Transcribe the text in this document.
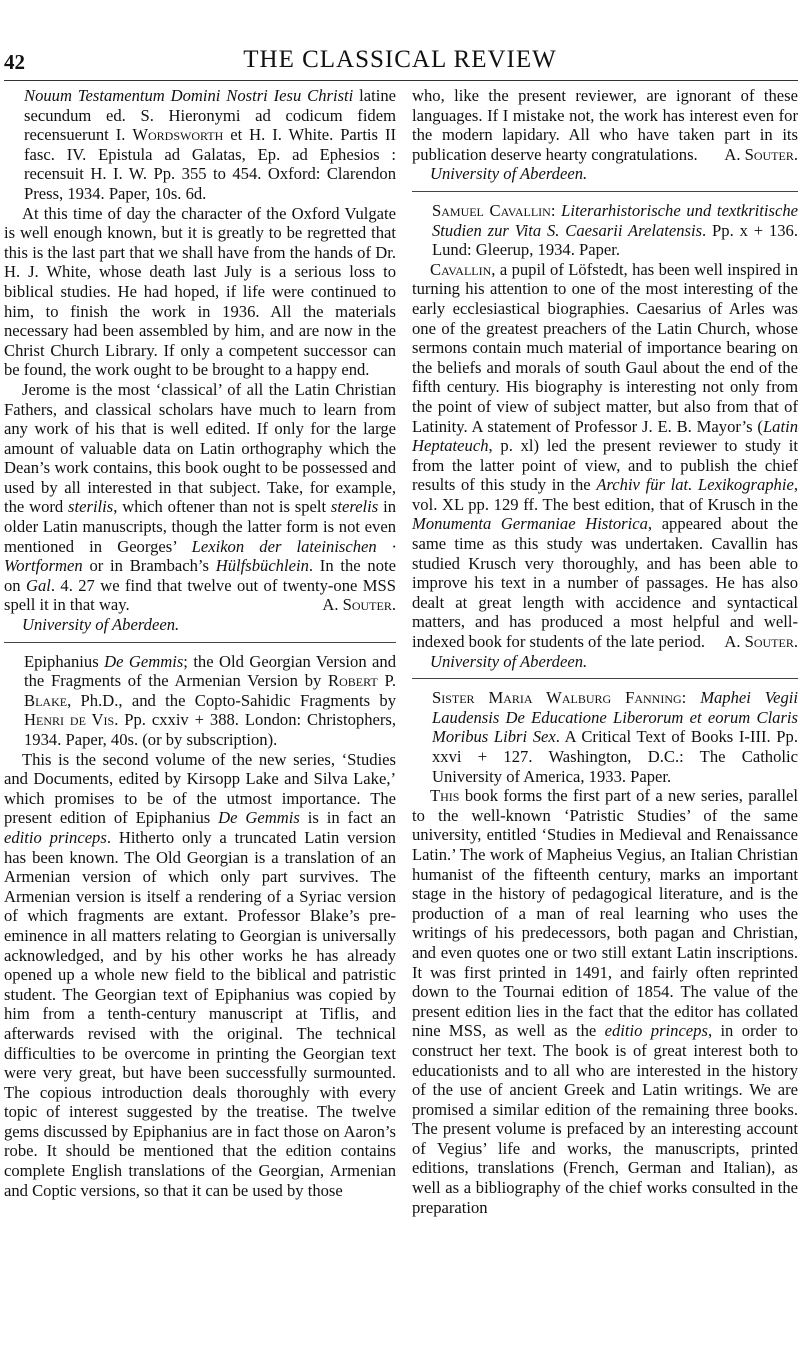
42	THE CLASSICAL REVIEW

Nouum Testamentum Domini Nostri Iesu Christi latine secundum ed. S. Hieronymi ad codicum fidem recensuerunt I. Wordsworth et H. I. White. Partis II fasc. IV. Epistula ad Galatas, Ep. ad Ephesios : recensuit H. I. W. Pp. 355 to 454. Oxford: Clarendon Press, 1934. Paper, 10s. 6d.

At this time of day the character of the Oxford Vulgate is well enough known, but it is greatly to be regretted that this is the last part that we shall have from the hands of Dr. H. J. White, whose death last July is a serious loss to biblical studies. He had hoped, if life were continued to him, to finish the work in 1936. All the materials necessary had been assembled by him, and are now in the Christ Church Library. If only a competent successor can be found, the work ought to be brought to a happy end.

Jerome is the most ‘classical’ of all the Latin Christian Fathers, and classical scholars have much to learn from any work of his that is well edited. If only for the large amount of valuable data on Latin orthography which the Dean’s work contains, this book ought to be possessed and used by all interested in that subject. Take, for example, the word sterilis, which oftener than not is spelt sterelis in older Latin manuscripts, though the latter form is not even mentioned in Georges’ Lexikon der lateinischen · Wortformen or in Brambach’s Hülfsbüchlein. In the note on Gal. 4. 27 we find that twelve out of twenty-one MSS spell it in that way.	A. Souter.

University of Aberdeen.

Epiphanius De Gemmis; the Old Georgian Version and the Fragments of the Armenian Version by Robert P. Blake, Ph.D., and the Copto-Sahidic Fragments by Henri de Vis. Pp. cxxiv + 388. London: Christophers, 1934. Paper, 40s. (or by subscription).

This is the second volume of the new series, ‘Studies and Documents, edited by Kirsopp Lake and Silva Lake,’ which promises to be of the utmost importance. The present edition of Epiphanius De Gemmis is in fact an editio princeps. Hitherto only a truncated Latin version has been known. The Old Georgian is a translation of an Armenian version of which only part survives. The Armenian version is itself a rendering of a Syriac version of which fragments are extant. Professor Blake’s pre-eminence in all matters relating to Georgian is universally acknowledged, and by his other works he has already opened up a whole new field to the biblical and patristic student. The Georgian text of Epiphanius was copied by him from a tenth-century manuscript at Tiflis, and afterwards revised with the original. The technical difficulties to be overcome in printing the Georgian text were very great, but have been successfully surmounted. The copious introduction deals thoroughly with every topic of interest suggested by the treatise. The twelve gems discussed by Epiphanius are in fact those on Aaron’s robe. It should be mentioned that the edition contains complete English translations of the Georgian, Armenian and Coptic versions, so that it can be used by those

who, like the present reviewer, are ignorant of these languages. If I mistake not, the work has interest even for the modern lapidary. All who have taken part in its publication deserve hearty congratulations. A. Souter.

University of Aberdeen.

Samuel Cavallin: Literarhistorische und textkritische Studien zur Vita S. Caesarii Arelatensis. Pp. x + 136. Lund: Gleerup, 1934. Paper.

Cavallin, a pupil of Löfstedt, has been well inspired in turning his attention to one of the most interesting of the early ecclesiastical biographies. Caesarius of Arles was one of the greatest preachers of the Latin Church, whose sermons contain much material of importance bearing on the beliefs and morals of south Gaul about the end of the fifth century. His biography is interesting not only from the point of view of subject matter, but also from that of Latinity. A statement of Professor J. E. B. Mayor’s (Latin Heptateuch, p. xl) led the present reviewer to study it from the latter point of view, and to publish the chief results of this study in the Archiv für lat. Lexikographie, vol. XL pp. 129 ff. The best edition, that of Krusch in the Monumenta Germaniae Historica, appeared about the same time as this study was undertaken. Cavallin has studied Krusch very thoroughly, and has been able to improve his text in a number of passages. He has also dealt at great length with accidence and syntactical matters, and has produced a most helpful and well-indexed book for students of the late period.	A. Souter.

University of Aberdeen.

Sister Maria Walburg Fanning: Maphei Vegii Laudensis De Educatione Liberorum et eorum Claris Moribus Libri Sex. A Critical Text of Books I-III. Pp. xxvi + 127. Washington, D.C.: The Catholic University of America, 1933. Paper.

This book forms the first part of a new series, parallel to the well-known ‘Patristic Studies’ of the same university, entitled ‘Studies in Medieval and Renaissance Latin.’ The work of Mapheius Vegius, an Italian Christian humanist of the fifteenth century, marks an important stage in the history of pedagogical literature, and is the production of a man of real learning who uses the writings of his predecessors, both pagan and Christian, and even quotes one or two still extant Latin inscriptions. It was first printed in 1491, and fairly often reprinted down to the Tournai edition of 1854. The value of the present edition lies in the fact that the editor has collated nine MSS, as well as the editio princeps, in order to construct her text. The book is of great interest both to educationists and to all who are interested in the history of the use of ancient Greek and Latin writings. We are promised a similar edition of the remaining three books. The present volume is prefaced by an interesting account of Vegius’ life and works, the manuscripts, printed editions, translations (French, German and Italian), as well as a bibliography of the chief works consulted in the preparation
